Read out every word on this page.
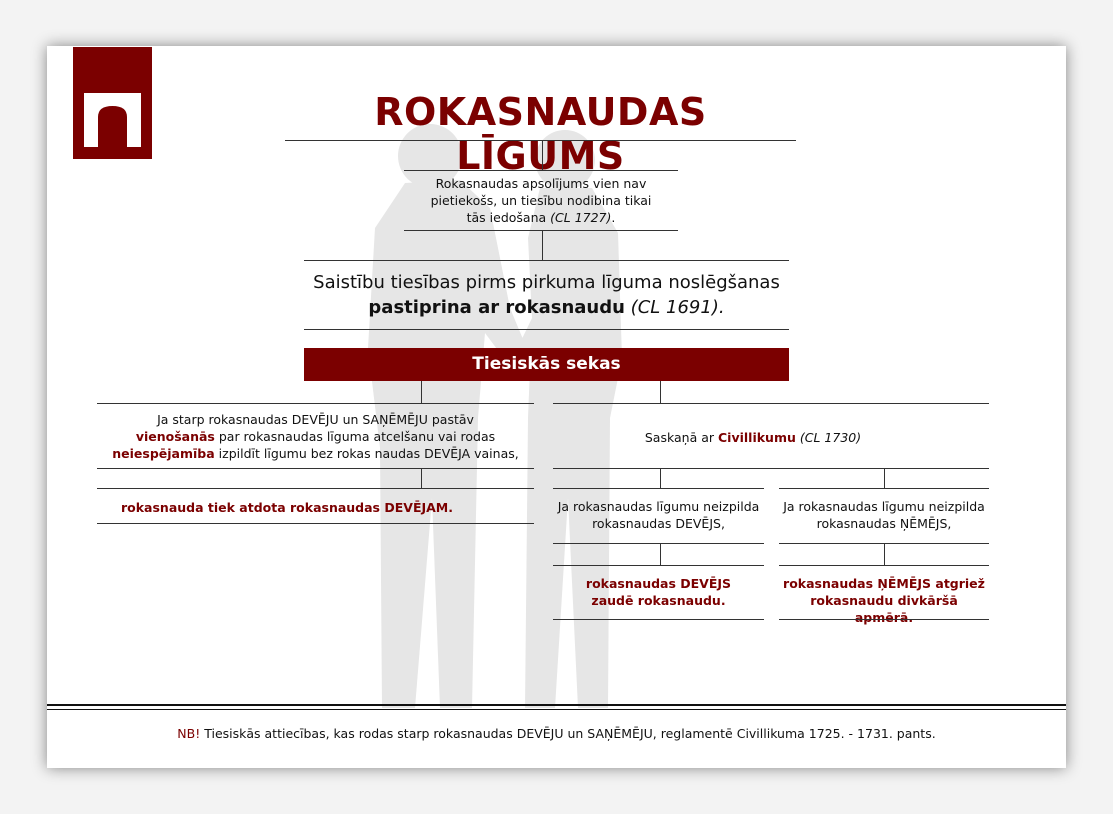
ROKASNAUDAS LĪGUMS
Rokasnaudas apsolījums vien nav pietiekošs, un tiesību nodibina tikai tās iedošana (CL 1727).
Saistību tiesības pirms pirkuma līguma noslēgšanas
pastiprina ar rokasnaudu (CL 1691).
Tiesiskās sekas
Ja starp rokasnaudas DEVĒJU un SAŅĒMĒJU pastāv
vienošanās par rokasnaudas līguma atcelšanu vai rodas
neiespējamība izpildīt līgumu bez rokas naudas DEVĒJA vainas,
rokasnauda tiek atdota rokasnaudas DEVĒJAM.
Saskaņā ar Civillikumu (CL 1730)
Ja rokasnaudas līgumu neizpilda rokasnaudas DEVĒJS,
rokasnaudas DEVĒJS zaudē rokasnaudu.
Ja rokasnaudas līgumu neizpilda rokasnaudas ŅĒMĒJS,
rokasnaudas ŅĒMĒJS atgriež rokasnaudu divkāršā apmērā.
NB! Tiesiskās attiecības, kas rodas starp rokasnaudas DEVĒJU un SAŅĒMĒJU, reglamentē Civillikuma 1725. - 1731. pants.
